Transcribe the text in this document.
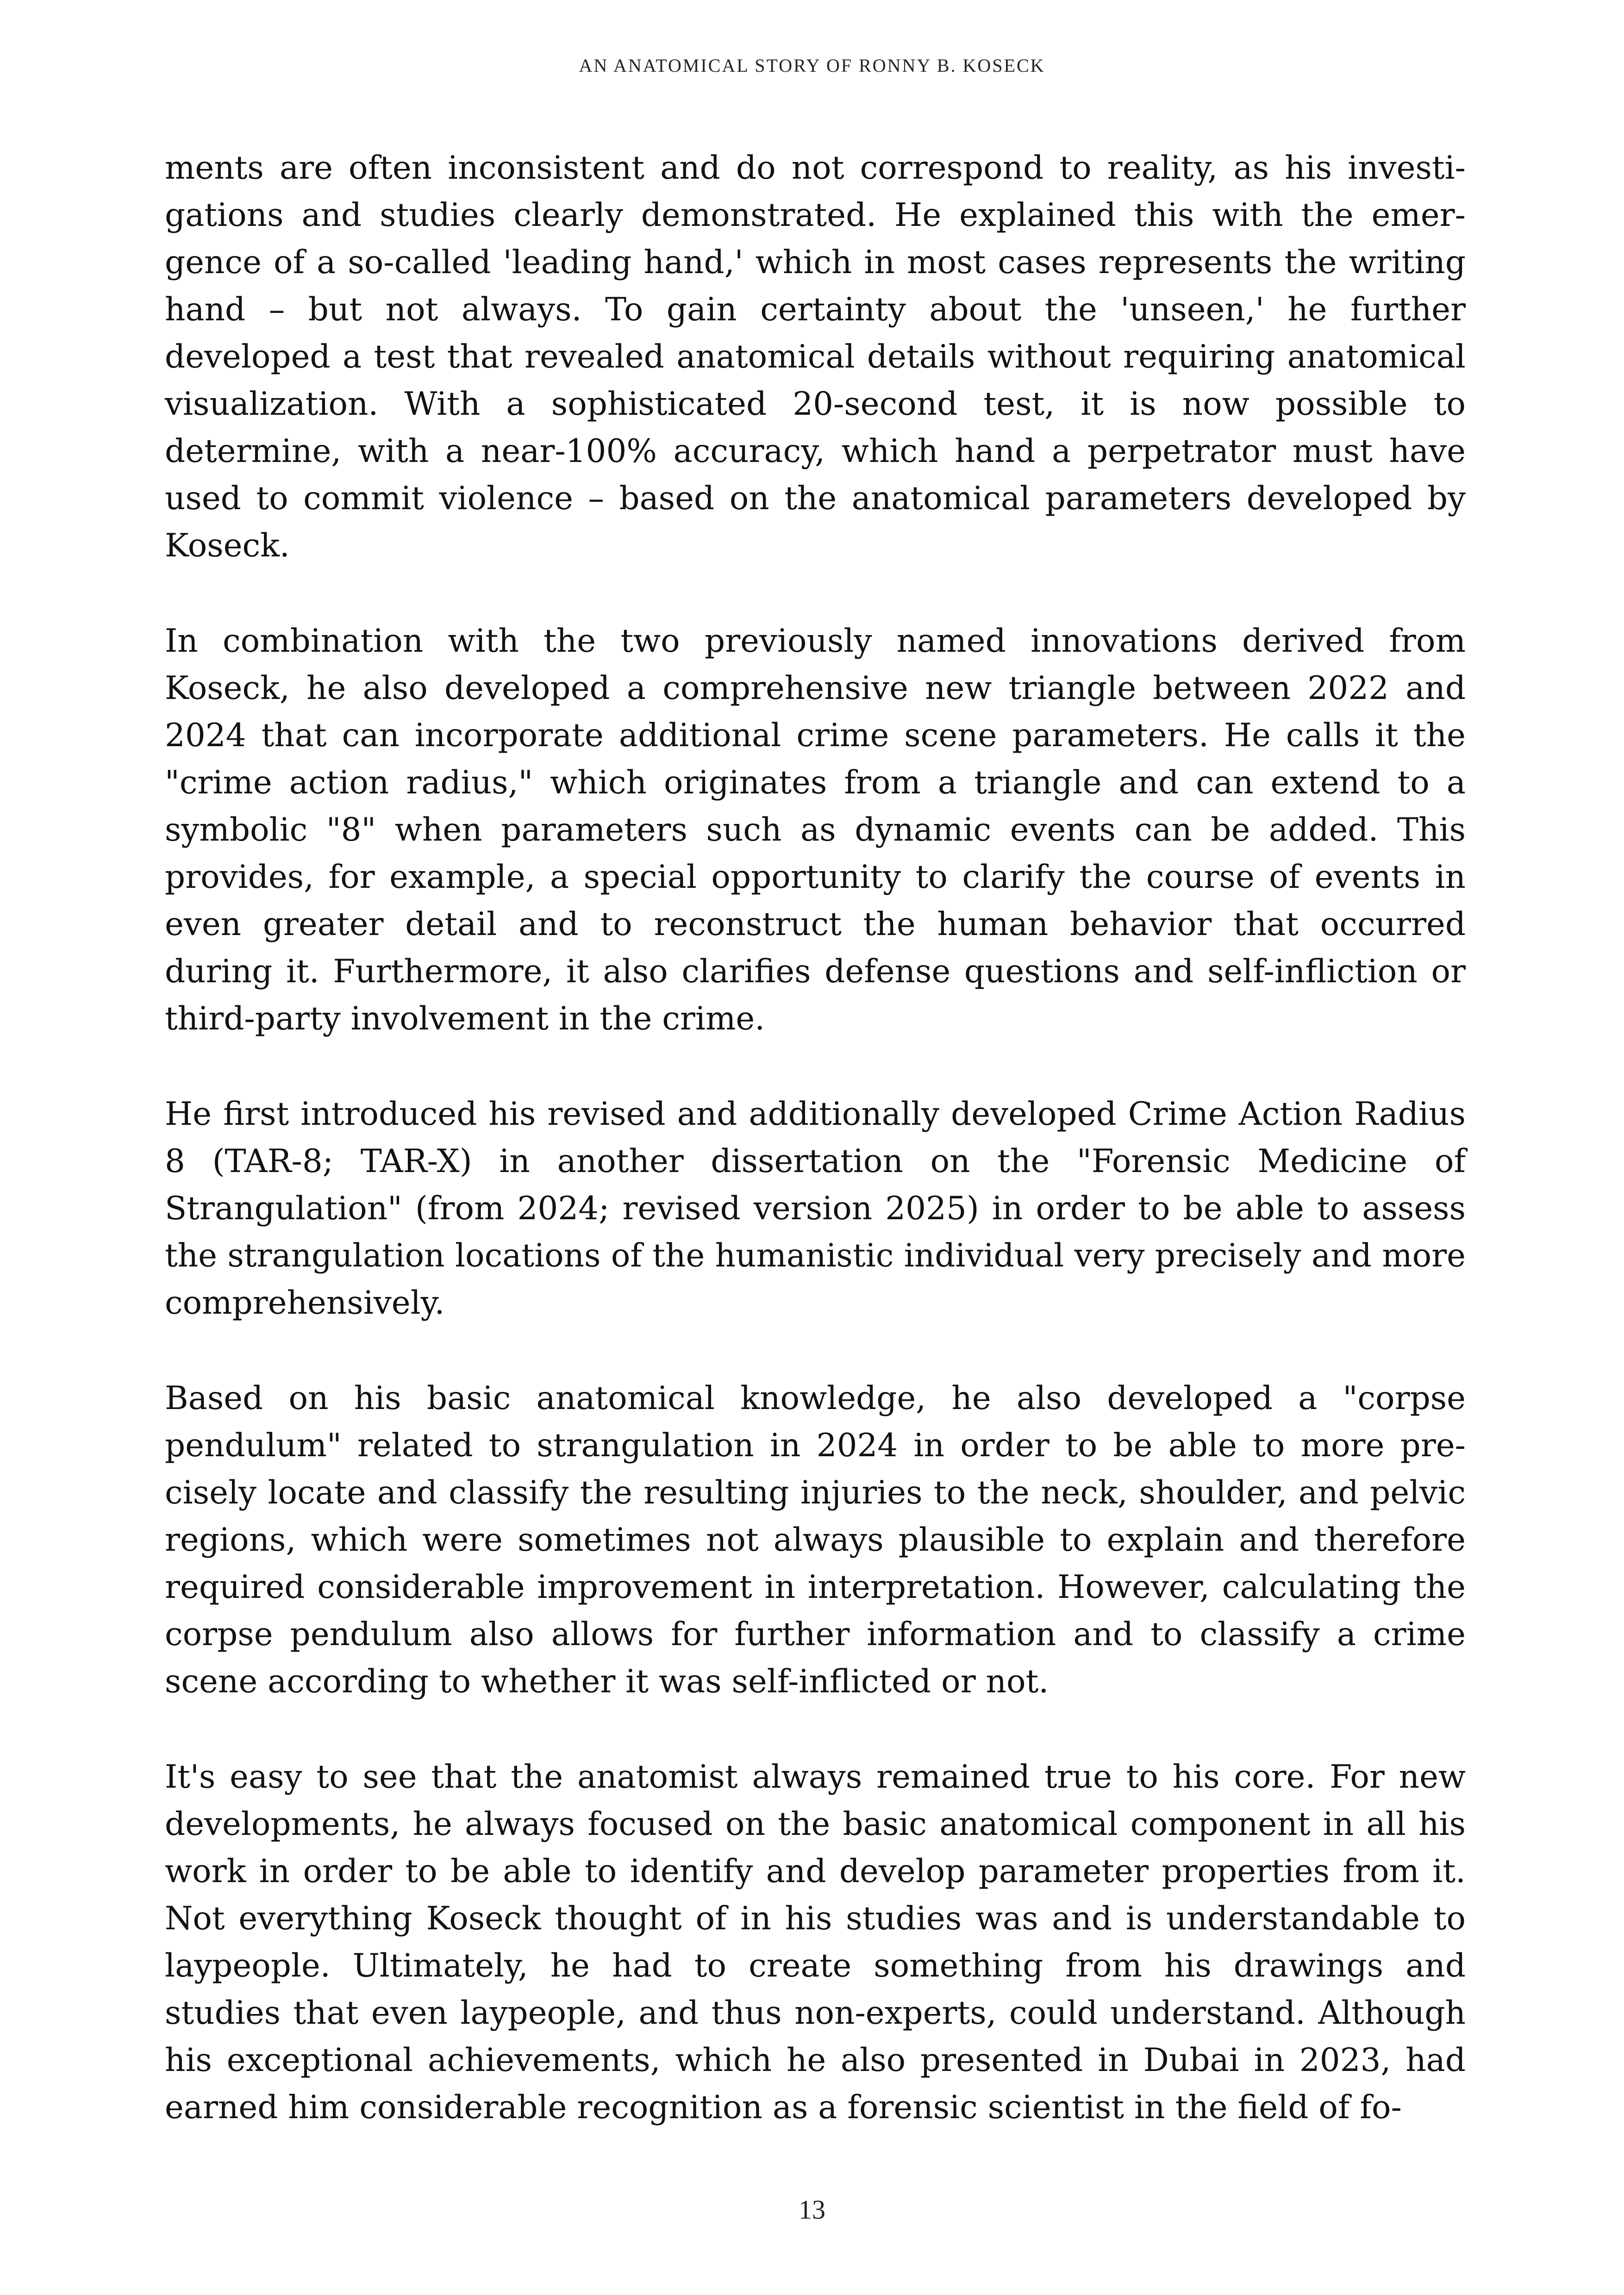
AN ANATOMICAL STORY OF RONNY B. KOSECK

ments are often inconsistent and do not correspond to reality, as his investigations and studies clearly demonstrated. He explained this with the emergence of a so-called 'leading hand,' which in most cases represents the writing hand – but not always. To gain certainty about the 'unseen,' he further developed a test that revealed anatomical details without requiring anatomical visualization. With a sophisticated 20-second test, it is now possible to determine, with a near-100% accuracy, which hand a perpetrator must have used to commit violence – based on the anatomical parameters developed by Koseck.

In combination with the two previously named innovations derived from Koseck, he also developed a comprehensive new triangle between 2022 and 2024 that can incorporate additional crime scene parameters. He calls it the "crime action radius," which originates from a triangle and can extend to a symbolic "8" when parameters such as dynamic events can be added. This provides, for example, a special opportunity to clarify the course of events in even greater detail and to reconstruct the human behavior that occurred during it. Furthermore, it also clarifies defense questions and self-infliction or third-party involvement in the crime.

He first introduced his revised and additionally developed Crime Action Radius 8 (TAR-8; TAR-X) in another dissertation on the "Forensic Medicine of Strangulation" (from 2024; revised version 2025) in order to be able to assess the strangulation locations of the humanistic individual very precisely and more comprehensively.

Based on his basic anatomical knowledge, he also developed a "corpse pendulum" related to strangulation in 2024 in order to be able to more precisely locate and classify the resulting injuries to the neck, shoulder, and pelvic regions, which were sometimes not always plausible to explain and therefore required considerable improvement in interpretation. However, calculating the corpse pendulum also allows for further information and to classify a crime scene according to whether it was self-inflicted or not.

It's easy to see that the anatomist always remained true to his core. For new developments, he always focused on the basic anatomical component in all his work in order to be able to identify and develop parameter properties from it. Not everything Koseck thought of in his studies was and is understandable to laypeople. Ultimately, he had to create something from his drawings and studies that even laypeople, and thus non-experts, could understand. Although his exceptional achievements, which he also presented in Dubai in 2023, had earned him considerable recognition as a forensic scientist in the field of fo-

13
